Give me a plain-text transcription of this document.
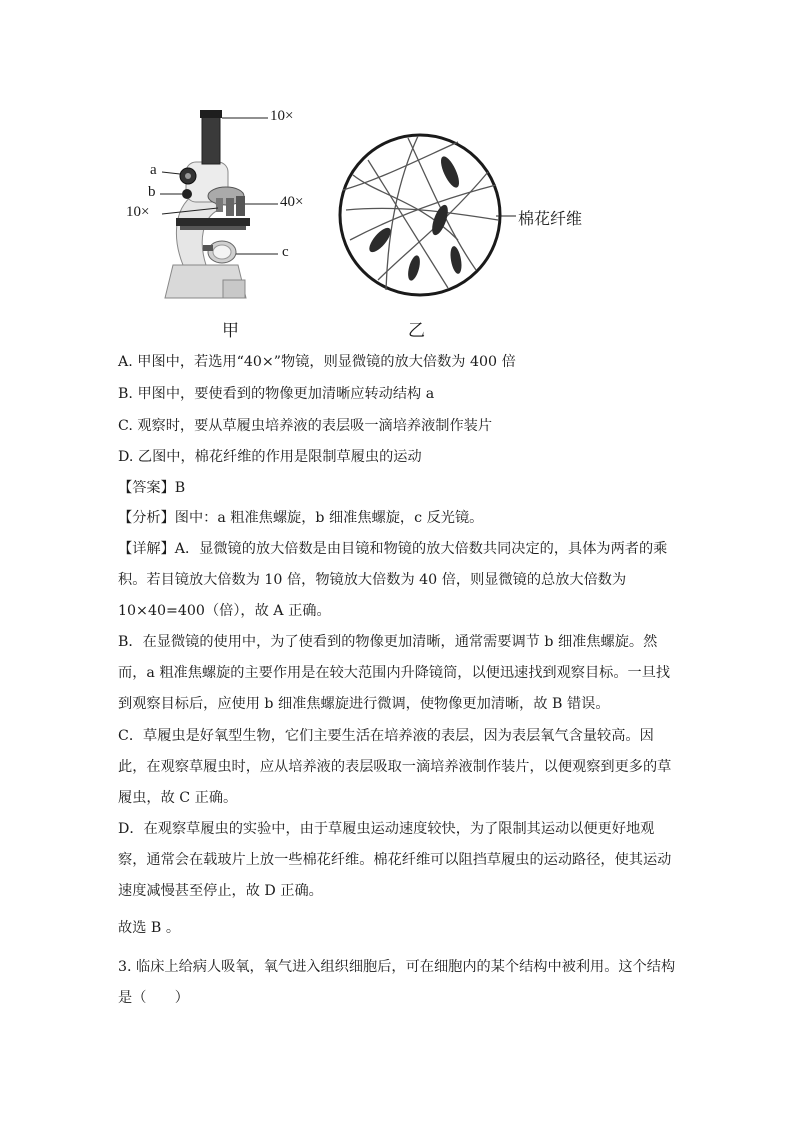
10×
a
b
10×
40×
c
棉花纤维
甲	乙
A. 甲图中，若选用“40×”物镜，则显微镜的放大倍数为 400 倍
B. 甲图中，要使看到的物像更加清晰应转动结构 a
C. 观察时，要从草履虫培养液的表层吸一滴培养液制作装片
D. 乙图中，棉花纤维的作用是限制草履虫的运动
【答案】B
【分析】图中：a 粗准焦螺旋，b 细准焦螺旋，c 反光镜。
【详解】A．显微镜的放大倍数是由目镜和物镜的放大倍数共同决定的，具体为两者的乘
积。若目镜放大倍数为 10 倍，物镜放大倍数为 40 倍，则显微镜的总放大倍数为
10×40=400（倍），故 A 正确。
B．在显微镜的使用中，为了使看到的物像更加清晰，通常需要调节 b 细准焦螺旋。然
而，a 粗准焦螺旋的主要作用是在较大范围内升降镜筒，以便迅速找到观察目标。一旦找
到观察目标后，应使用 b 细准焦螺旋进行微调，使物像更加清晰，故 B 错误。
C．草履虫是好氧型生物，它们主要生活在培养液的表层，因为表层氧气含量较高。因
此，在观察草履虫时，应从培养液的表层吸取一滴培养液制作装片，以便观察到更多的草
履虫，故 C 正确。
D．在观察草履虫的实验中，由于草履虫运动速度较快，为了限制其运动以便更好地观
察，通常会在载玻片上放一些棉花纤维。棉花纤维可以阻挡草履虫的运动路径，使其运动
速度减慢甚至停止，故 D 正确。
故选 B 。
3. 临床上给病人吸氧，氧气进入组织细胞后，可在细胞内的某个结构中被利用。这个结构
是（　　）
